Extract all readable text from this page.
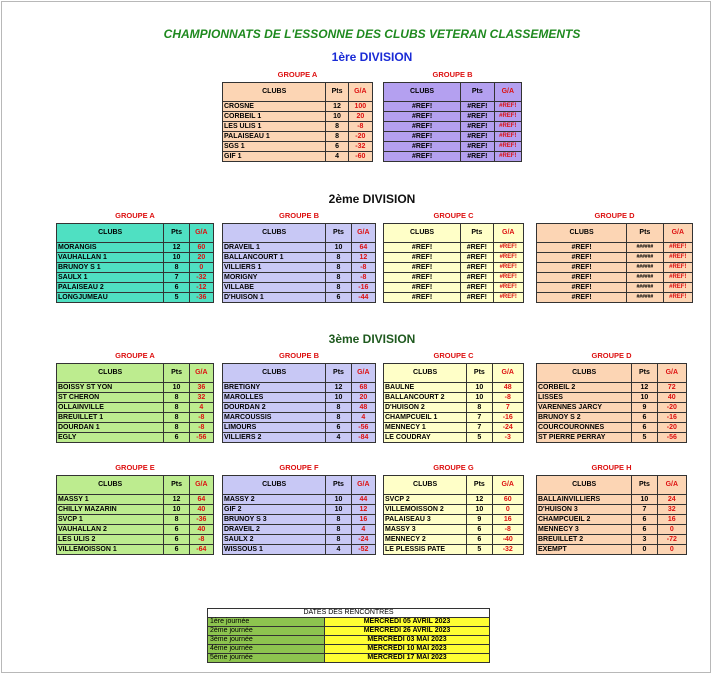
CHAMPIONNATS DE L'ESSONNE DES CLUBS VETERAN CLASSEMENTS
1ère DIVISION
2ème DIVISION
3ème DIVISION
GROUPE A
CLUBS	Pts	G/A
CROSNE	12	100
CORBEIL 1	10	20
LES ULIS 1	8	-8
PALAISEAU 1	8	-20
SGS 1	6	-32
GIF 1	4	-60
GROUPE B
CLUBS	Pts	G/A
#REF!	#REF!	#REF!
#REF!	#REF!	#REF!
#REF!	#REF!	#REF!
#REF!	#REF!	#REF!
#REF!	#REF!	#REF!
#REF!	#REF!	#REF!
GROUPE A
CLUBS	Pts	G/A
MORANGIS	12	60
VAUHALLAN 1	10	20
BRUNOY S 1	8	0
SAULX 1	7	-32
PALAISEAU 2	6	-12
LONGJUMEAU	5	-36
GROUPE B
CLUBS	Pts	G/A
DRAVEIL 1	10	64
BALLANCOURT 1	8	12
VILLIERS 1	8	-8
MORIGNY	8	-8
VILLABE	8	-16
D'HUISON 1	6	-44
GROUPE C
CLUBS	Pts	G/A
#REF!	#REF!	#REF!
#REF!	#REF!	#REF!
#REF!	#REF!	#REF!
#REF!	#REF!	#REF!
#REF!	#REF!	#REF!
#REF!	#REF!	#REF!
GROUPE D
CLUBS	Pts	G/A
#REF!	######	#REF!
#REF!	######	#REF!
#REF!	######	#REF!
#REF!	######	#REF!
#REF!	######	#REF!
#REF!	######	#REF!
GROUPE A
CLUBS	Pts	G/A
BOISSY ST YON	10	36
ST CHERON	8	32
OLLAINVILLE	8	4
BREUILLET 1	8	-8
DOURDAN 1	8	-8
EGLY	6	-56
GROUPE B
CLUBS	Pts	G/A
BRETIGNY	12	68
MAROLLES	10	20
DOURDAN 2	8	48
MARCOUSSIS	8	4
LIMOURS	6	-56
VILLIERS 2	4	-84
GROUPE C
CLUBS	Pts	G/A
BAULNE	10	48
BALLANCOURT 2	10	-8
D'HUISON 2	8	7
CHAMPCUEIL 1	7	-16
MENNECY 1	7	-24
LE COUDRAY	5	-3
GROUPE D
CLUBS	Pts	G/A
CORBEIL 2	12	72
LISSES	10	40
VARENNES JARCY	9	-20
BRUNOY S 2	6	-16
COURCOURONNES	6	-20
ST PIERRE PERRAY	5	-56
GROUPE E
CLUBS	Pts	G/A
MASSY 1	12	64
CHILLY MAZARIN	10	40
SVCP 1	8	-36
VAUHALLAN 2	6	40
LES ULIS 2	6	-8
VILLEMOISSON 1	6	-64
GROUPE F
CLUBS	Pts	G/A
MASSY 2	10	44
GIF 2	10	12
BRUNOY S 3	8	16
DRAVEIL 2	8	4
SAULX 2	8	-24
WISSOUS 1	4	-52
GROUPE G
CLUBS	Pts	G/A
SVCP 2	12	60
VILLEMOISSON 2	10	0
PALAISEAU 3	9	16
MASSY 3	6	-8
MENNECY 2	6	-40
LE PLESSIS PATE	5	-32
GROUPE H
CLUBS	Pts	G/A
BALLAINVILLIERS	10	24
D'HUISON 3	7	32
CHAMPCUEIL 2	6	16
MENNECY 3	6	0
BREUILLET 2	3	-72
EXEMPT	0	0
DATES DES RENCONTRES	
1ère journée	MERCREDI 05 AVRIL 2023
2ème journée	MERCREDI 26 AVRIL 2023
3ème journée	MERCREDI 03 MAI 2023
4ème journée	MERCREDI 10 MAI 2023
5ème journée	MERCREDI 17 MAI 2023
